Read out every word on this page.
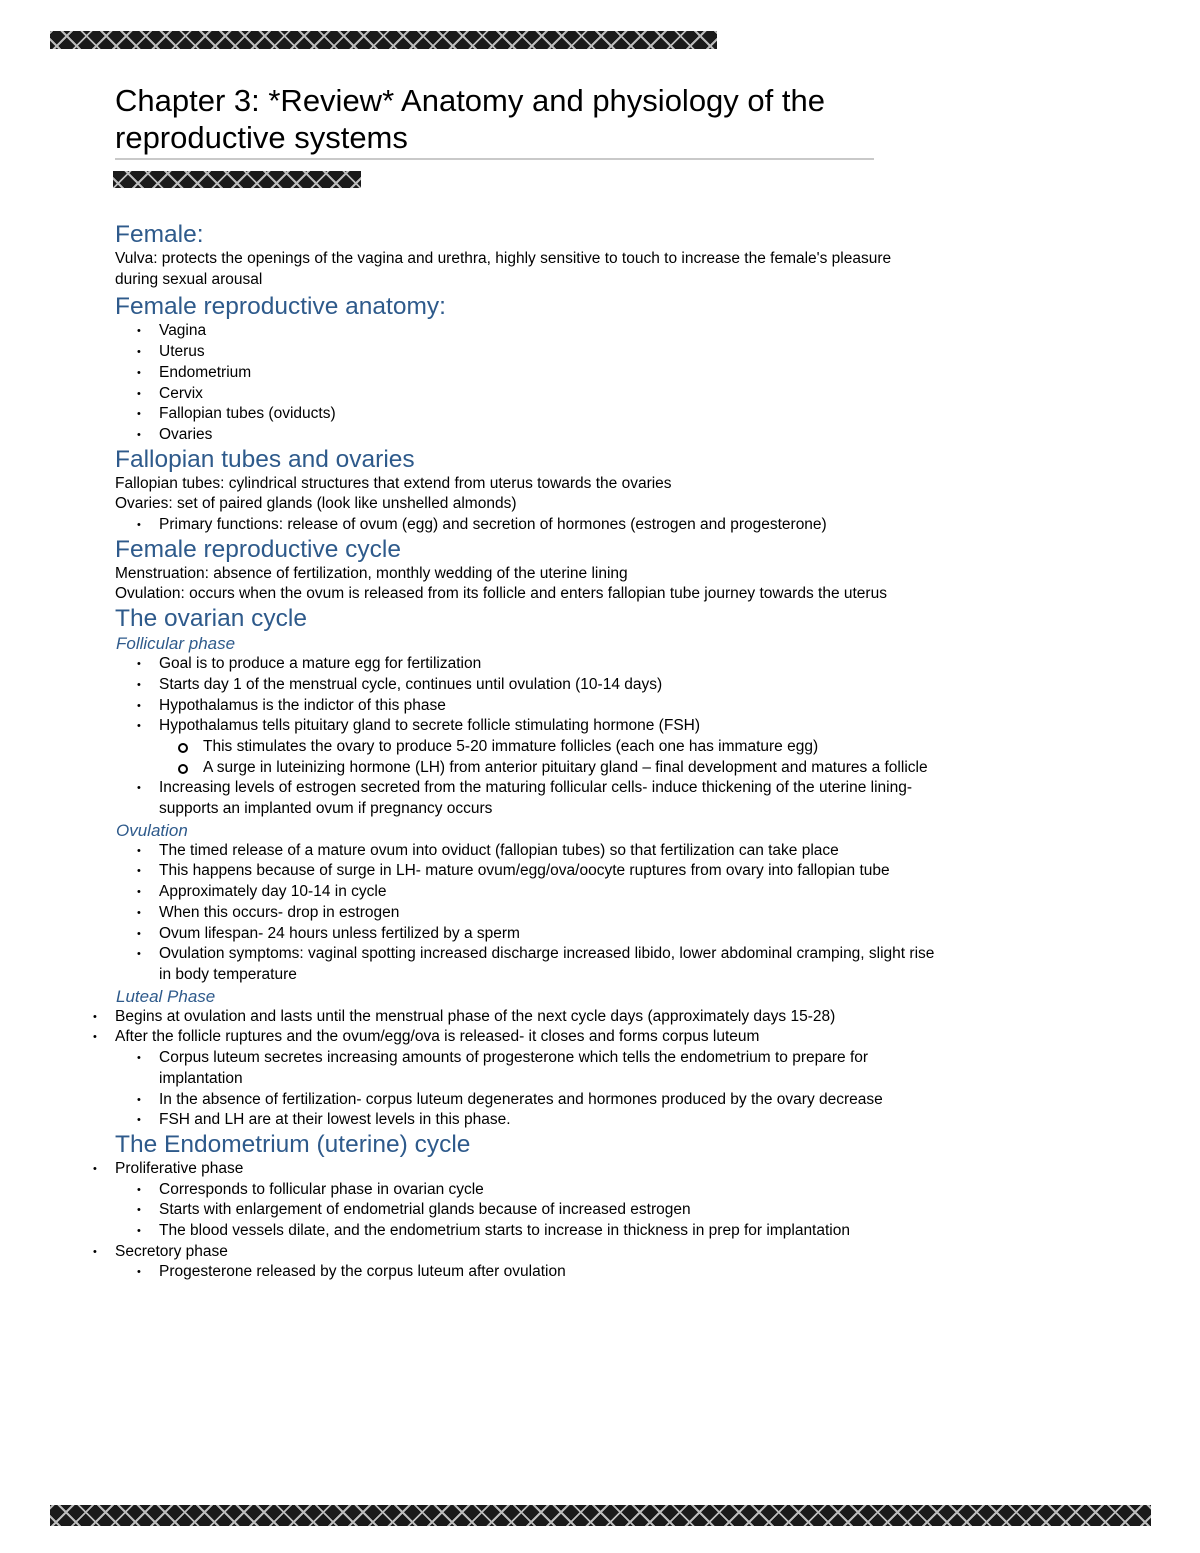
Chapter 3: *Review* Anatomy and physiology of the reproductive systems
Female:

Vulva: protects the openings of the vagina and urethra, highly sensitive to touch to increase the female's pleasure during sexual arousal

Female reproductive anatomy:
• Vagina
• Uterus
• Endometrium
• Cervix
• Fallopian tubes (oviducts)
• Ovaries
Fallopian tubes and ovaries

Fallopian tubes: cylindrical structures that extend from uterus towards the ovaries

Ovaries: set of paired glands (look like unshelled almonds)

• Primary functions: release of ovum (egg) and secretion of hormones (estrogen and progesterone)
Female reproductive cycle

Menstruation: absence of fertilization, monthly wedding of the uterine lining

Ovulation: occurs when the ovum is released from its follicle and enters fallopian tube journey towards the uterus

The ovarian cycle
Follicular phase
• Goal is to produce a mature egg for fertilization
• Starts day 1 of the menstrual cycle, continues until ovulation (10-14 days)
• Hypothalamus is the indictor of this phase
• Hypothalamus tells pituitary gland to secrete follicle stimulating hormone (FSH)
This stimulates the ovary to produce 5-20 immature follicles (each one has immature egg)
A surge in luteinizing hormone (LH) from anterior pituitary gland – final development and matures a follicle
• Increasing levels of estrogen secreted from the maturing follicular cells- induce thickening of the uterine lining- supports an implanted ovum if pregnancy occurs
Ovulation
• The timed release of a mature ovum into oviduct (fallopian tubes) so that fertilization can take place
• This happens because of surge in LH- mature ovum/egg/ova/oocyte ruptures from ovary into fallopian tube
• Approximately day 10-14 in cycle
• When this occurs- drop in estrogen
• Ovum lifespan- 24 hours unless fertilized by a sperm
• Ovulation symptoms: vaginal spotting increased discharge increased libido, lower abdominal cramping, slight rise in body temperature
Luteal Phase
• Begins at ovulation and lasts until the menstrual phase of the next cycle days (approximately days 15-28)
• After the follicle ruptures and the ovum/egg/ova is released- it closes and forms corpus luteum
• Corpus luteum secretes increasing amounts of progesterone which tells the endometrium to prepare for implantation
• In the absence of fertilization- corpus luteum degenerates and hormones produced by the ovary decrease
• FSH and LH are at their lowest levels in this phase.
The Endometrium (uterine) cycle
• Proliferative phase
• Corresponds to follicular phase in ovarian cycle
• Starts with enlargement of endometrial glands because of increased estrogen
• The blood vessels dilate, and the endometrium starts to increase in thickness in prep for implantation
• Secretory phase
• Progesterone released by the corpus luteum after ovulation
